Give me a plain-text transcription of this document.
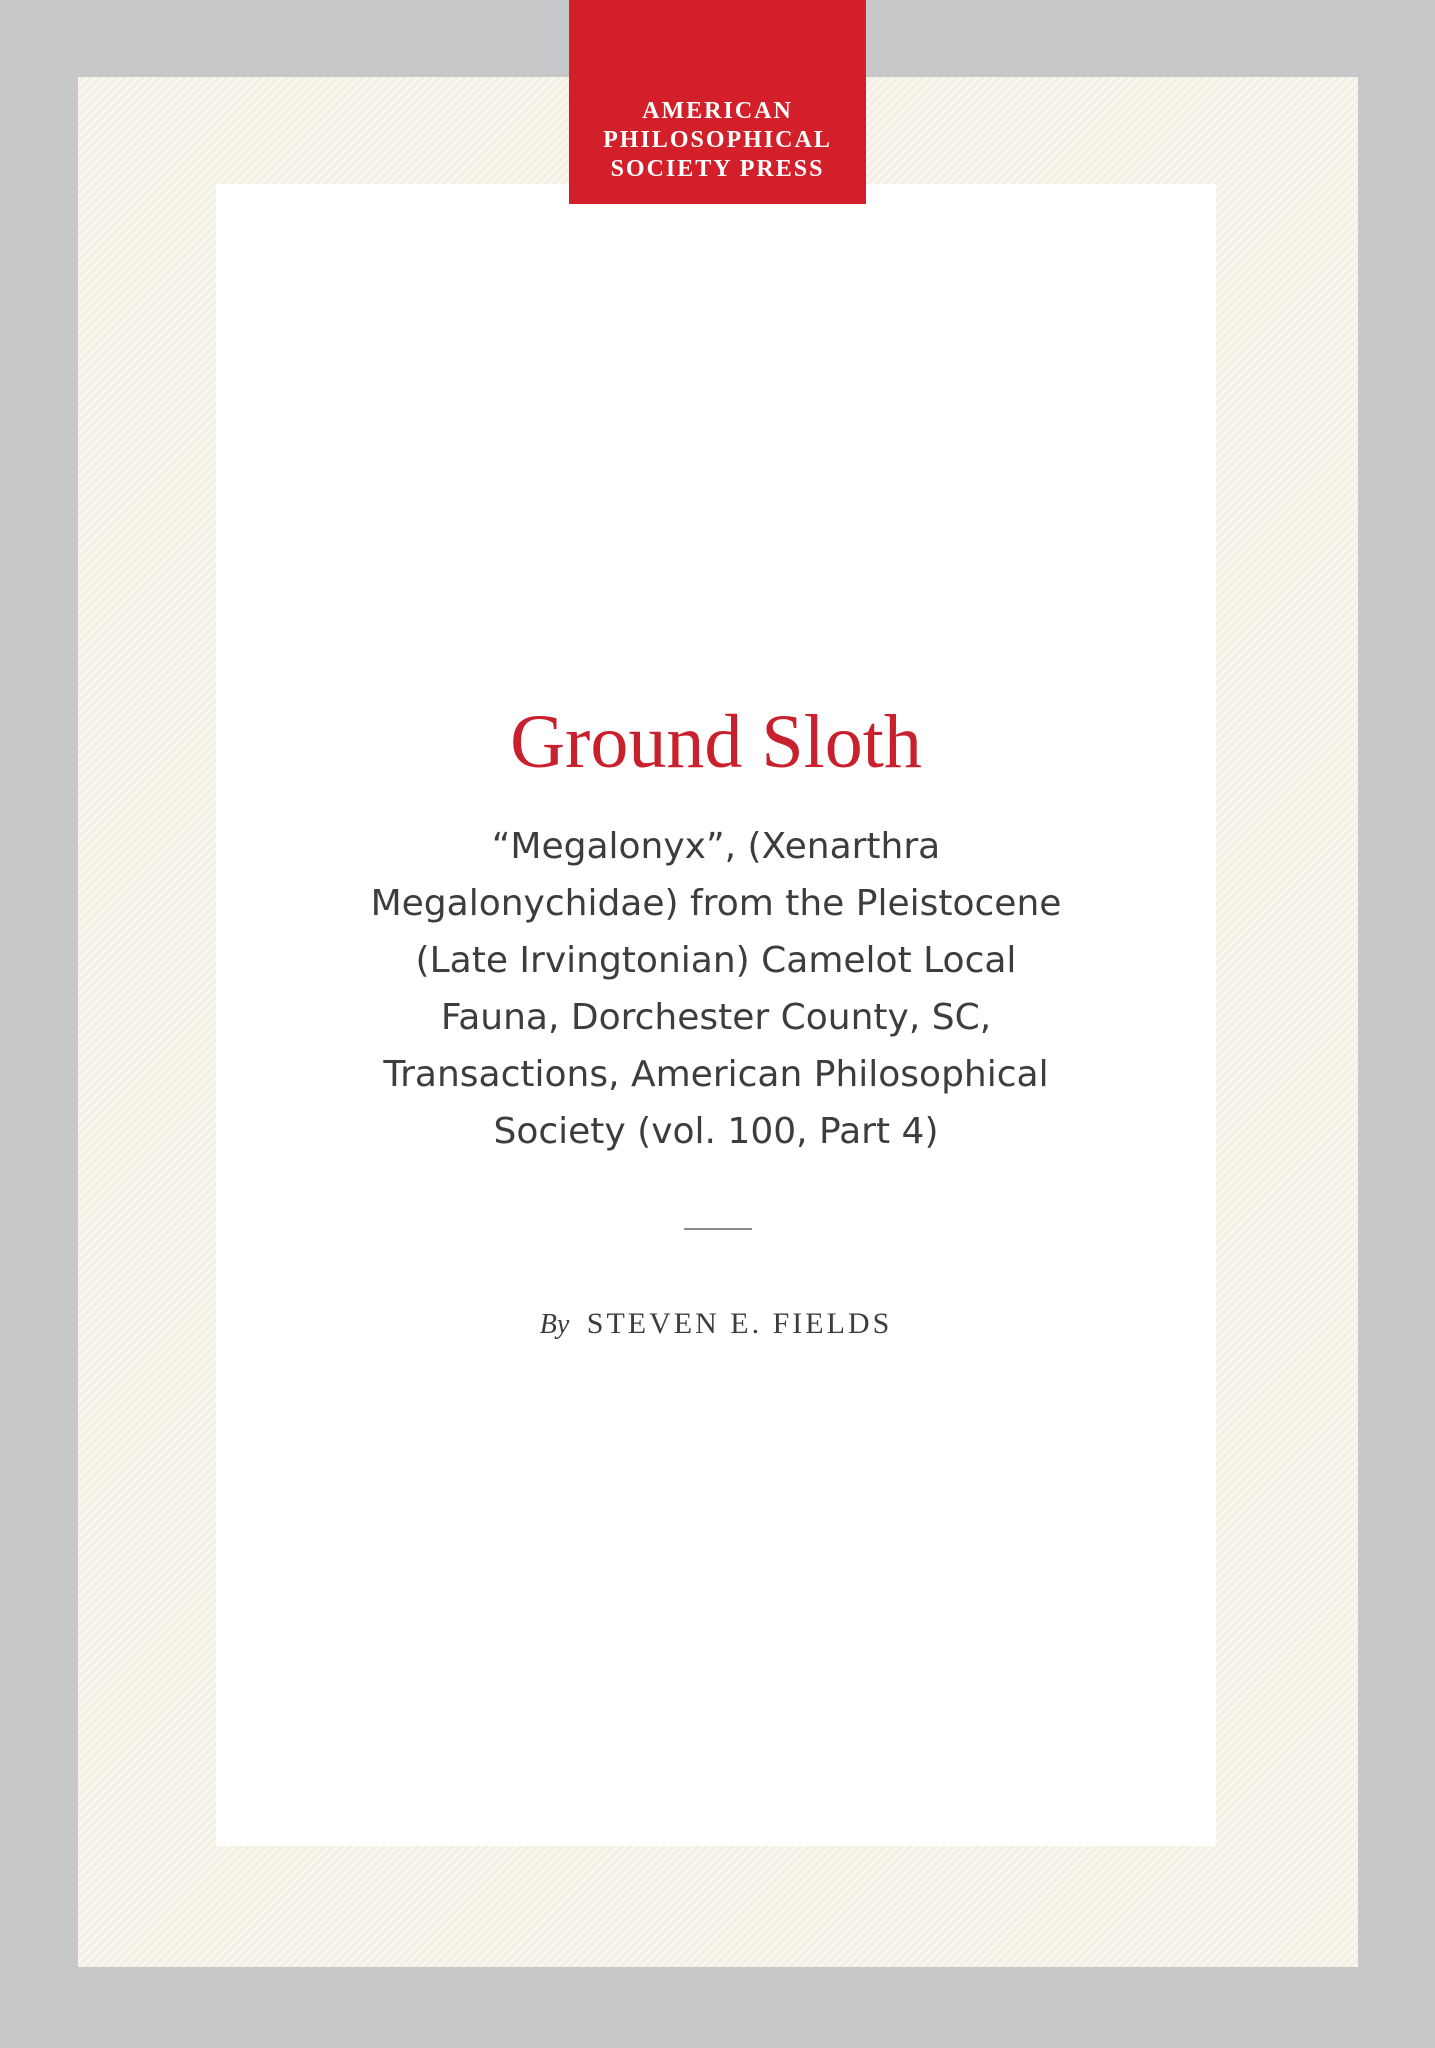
AMERICAN
PHILOSOPHICAL
SOCIETY PRESS
Ground Sloth
“Megalonyx”, (Xenarthra
Megalonychidae) from the Pleistocene
(Late Irvingtonian) Camelot Local
Fauna, Dorchester County, SC,
Transactions, American Philosophical
Society (vol. 100, Part 4)
By STEVEN E. FIELDS
